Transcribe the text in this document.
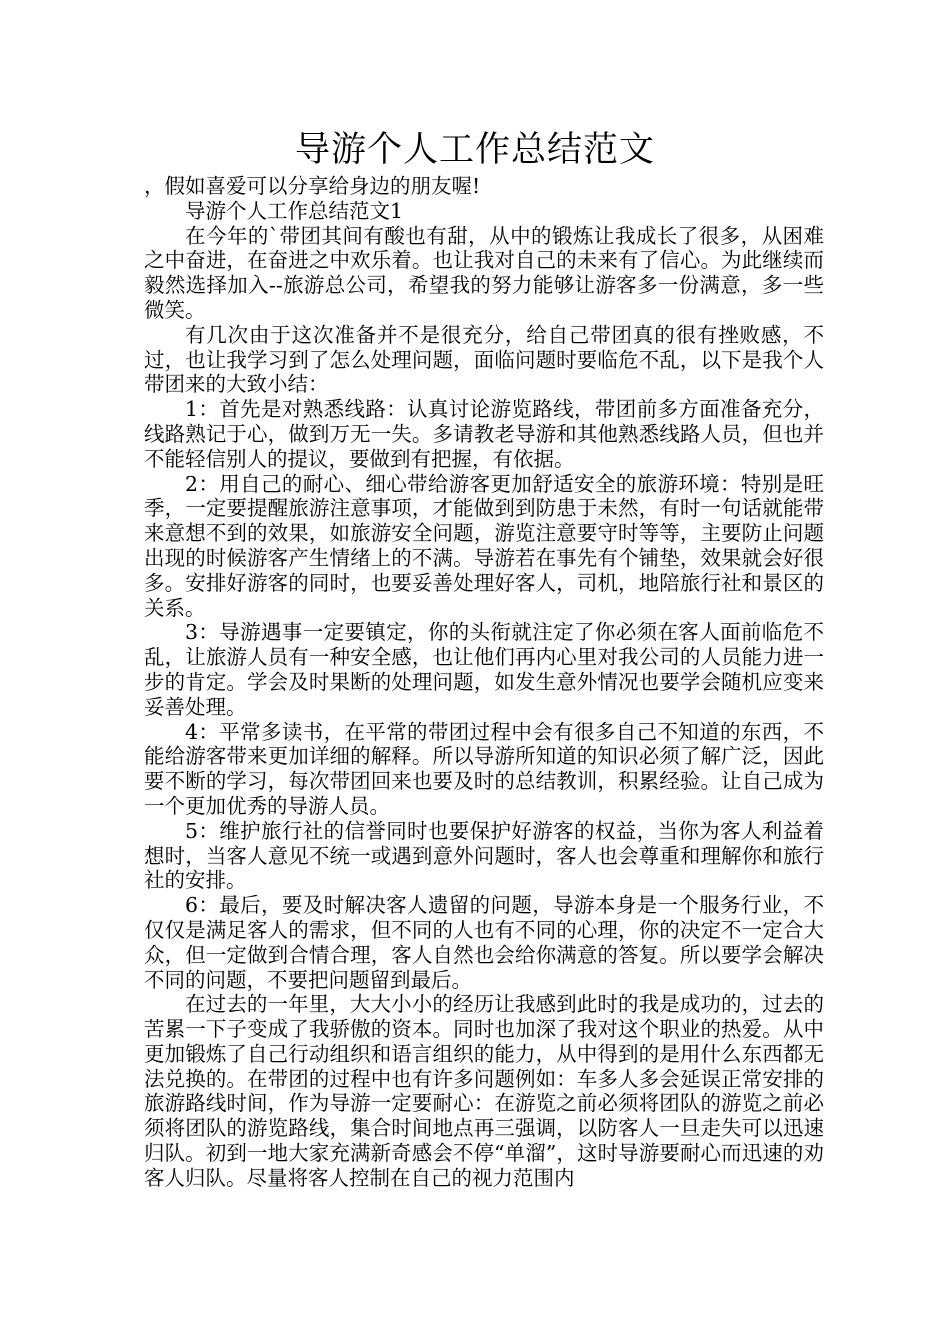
导游个人工作总结范文

，假如喜爱可以分享给身边的朋友喔!

导游个人工作总结范文1

在今年的`带团其间有酸也有甜，从中的锻炼让我成长了很多，从困难之中奋进，在奋进之中欢乐着。也让我对自己的未来有了信心。为此继续而毅然选择加入--旅游总公司，希望我的努力能够让游客多一份满意，多一些微笑。

有几次由于这次准备并不是很充分，给自己带团真的很有挫败感，不过，也让我学习到了怎么处理问题，面临问题时要临危不乱，以下是我个人带团来的大致小结：

1：首先是对熟悉线路：认真讨论游览路线，带团前多方面准备充分，线路熟记于心，做到万无一失。多请教老导游和其他熟悉线路人员，但也并不能轻信别人的提议，要做到有把握，有依据。

2：用自己的耐心、细心带给游客更加舒适安全的旅游环境：特别是旺季，一定要提醒旅游注意事项，才能做到到防患于未然，有时一句话就能带来意想不到的效果，如旅游安全问题，游览注意要守时等等，主要防止问题出现的时候游客产生情绪上的不满。导游若在事先有个铺垫，效果就会好很多。安排好游客的同时，也要妥善处理好客人，司机，地陪旅行社和景区的关系。

3：导游遇事一定要镇定，你的头衔就注定了你必须在客人面前临危不乱，让旅游人员有一种安全感，也让他们再内心里对我公司的人员能力进一步的肯定。学会及时果断的处理问题，如发生意外情况也要学会随机应变来妥善处理。

4：平常多读书，在平常的带团过程中会有很多自己不知道的东西，不能给游客带来更加详细的解释。所以导游所知道的知识必须了解广泛，因此要不断的学习，每次带团回来也要及时的总结教训，积累经验。让自己成为一个更加优秀的导游人员。

5：维护旅行社的信誉同时也要保护好游客的权益，当你为客人利益着想时，当客人意见不统一或遇到意外问题时，客人也会尊重和理解你和旅行社的安排。

6：最后，要及时解决客人遗留的问题，导游本身是一个服务行业，不仅仅是满足客人的需求，但不同的人也有不同的心理，你的决定不一定合大众，但一定做到合情合理，客人自然也会给你满意的答复。所以要学会解决不同的问题，不要把问题留到最后。

在过去的一年里，大大小小的经历让我感到此时的我是成功的，过去的苦累一下子变成了我骄傲的资本。同时也加深了我对这个职业的热爱。从中更加锻炼了自己行动组织和语言组织的能力，从中得到的是用什么东西都无法兑换的。在带团的过程中也有许多问题例如：车多人多会延误正常安排的旅游路线时间，作为导游一定要耐心：在游览之前必须将团队的游览之前必须将团队的游览路线，集合时间地点再三强调，以防客人一旦走失可以迅速归队。初到一地大家充满新奇感会不停“单溜”，这时导游要耐心而迅速的劝客人归队。尽量将客人控制在自己的视力范围内
